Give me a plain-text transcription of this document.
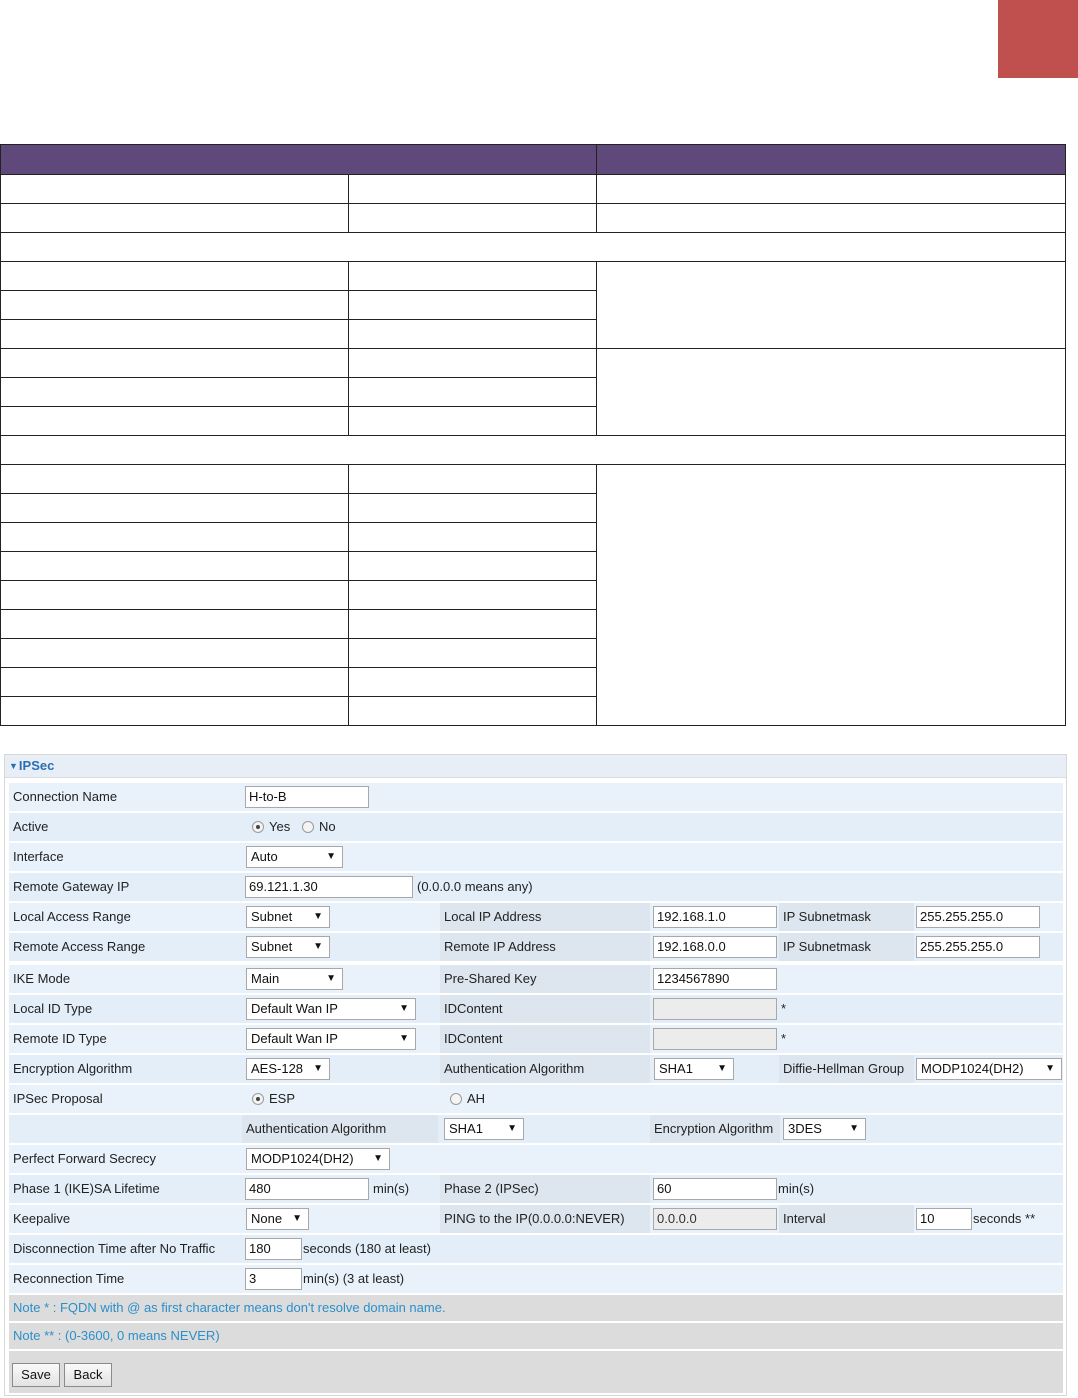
▼IPSec
Connection Name	H-to-B
Active	Yes No
Interface	Auto	▼
Remote Gateway IP	69.121.1.30	(0.0.0.0 means any)
Local Access Range	Subnet ▼	Local IP Address	192.168.1.0	IP Subnetmask	255.255.255.0
Remote Access Range	Subnet ▼	Remote IP Address	192.168.0.0	IP Subnetmask	255.255.255.0
IKE Mode	Main	▼	Pre-Shared Key	1234567890
Local ID Type	Default Wan IP	▼	IDContent	*
Remote ID Type	Default Wan IP	▼	IDContent	*
Encryption Algorithm	AES-128 ▼	Authentication Algorithm	SHA1 ▼	Diffie-Hellman Group	MODP1024(DH2) ▼
IPSec Proposal	ESP	AH
Authentication Algorithm	SHA1 ▼	Encryption Algorithm	3DES	▼
Perfect Forward Secrecy	MODP1024(DH2) ▼
Phase 1 (IKE)SA Lifetime	480	min(s)	Phase 2 (IPSec)	60	min(s)
Keepalive	None ▼	PING to the IP(0.0.0.0:NEVER)	0.0.0.0	Interval	10	seconds **
Disconnection Time after No Traffic	180	seconds (180 at least)
Reconnection Time	3	min(s) (3 at least)
Note * : FQDN with @ as first character means don't resolve domain name.
Note ** : (0-3600, 0 means NEVER)
Save	Back
